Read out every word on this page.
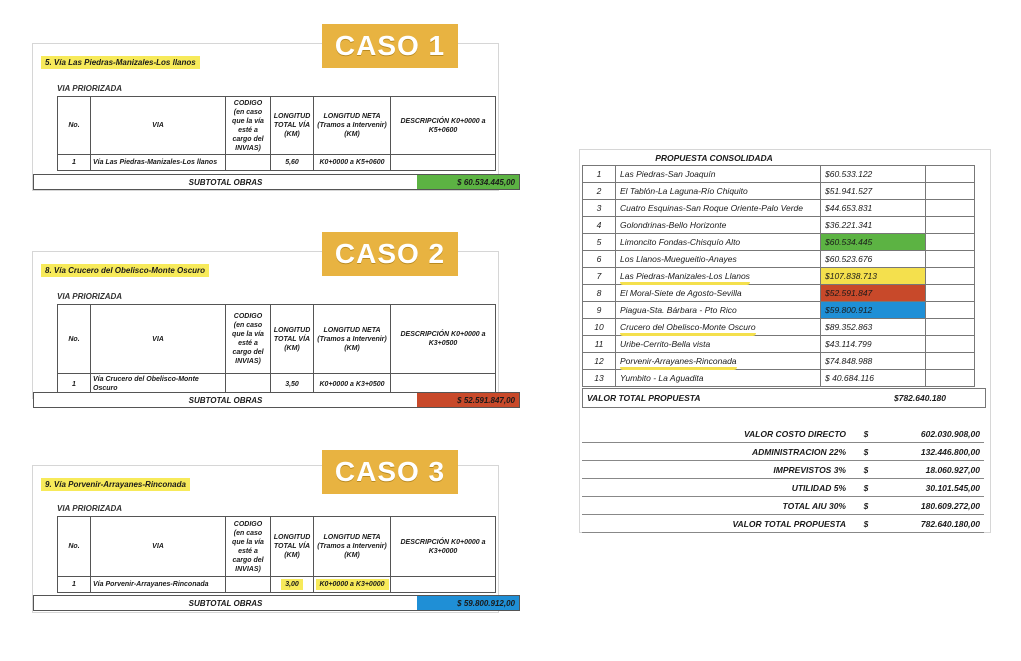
CASO 1
5. Vía Las Piedras-Manizales-Los llanos
VIA PRIORIZADA
No.	VIA	CODIGO (en caso que la vía esté a cargo del INVIAS)	LONGITUD TOTAL VÍA (KM)	LONGITUD NETA (Tramos a Intervenir) (KM)	DESCRIPCIÓN K0+0000 a K5+0600
1	Vía Las Piedras-Manizales-Los llanos		5,60	K0+0000 a K5+0600	
SUBTOTAL OBRAS	$ 60.534.445,00
CASO 2
8. Vía Crucero del Obelisco-Monte Oscuro
VIA PRIORIZADA
No.	VIA	CODIGO (en caso que la vía esté a cargo del INVIAS)	LONGITUD TOTAL VÍA (KM)	LONGITUD NETA (Tramos a Intervenir) (KM)	DESCRIPCIÓN K0+0000 a K3+0500
1	Vía Crucero del Obelisco-Monte Oscuro		3,50	K0+0000 a K3+0500	
SUBTOTAL OBRAS	$ 52.591.847,00
CASO 3
9. Vía Porvenir-Arrayanes-Rinconada
VIA PRIORIZADA
No.	VIA	CODIGO (en caso que la vía esté a cargo del INVIAS)	LONGITUD TOTAL VÍA (KM)	LONGITUD NETA (Tramos a Intervenir) (KM)	DESCRIPCIÓN K0+0000 a K3+0000
1	Vía Porvenir-Arrayanes-Rinconada		3,00	K0+0000 a K3+0000	
SUBTOTAL OBRAS	$ 59.800.912,00
PROPUESTA CONSOLIDADA
1	Las Piedras-San Joaquín	$60.533.122	
2	El Tablón-La Laguna-Río Chiquito	$51.941.527	
3	Cuatro Esquinas-San Roque Oriente-Palo Verde	$44.653.831	
4	Golondrinas-Bello Horizonte	$36.221.341	
5	Limoncito Fondas-Chisquío Alto	$60.534.445	
6	Los Llanos-Muegueitio-Anayes	$60.523.676	
7	Las Piedras-Manizales-Los Llanos	$107.838.713	
8	El Moral-Siete de Agosto-Sevilla	$52.591.847	
9	Piagua-Sta. Bárbara - Pto Rico	$59.800.912	
10	Crucero del Obelisco-Monte Oscuro	$89.352.863	
11	Uribe-Cerrito-Bella vista	$43.114.799	
12	Porvenir-Arrayanes-Rinconada	$74.848.988	
13	Yumbito - La Aguadita	$ 40.684.116	
VALOR TOTAL PROPUESTA	$782.640.180
VALOR COSTO DIRECTO	$	602.030.908,00
ADMINISTRACION 22%	$	132.446.800,00
IMPREVISTOS 3%	$	18.060.927,00
UTILIDAD 5%	$	30.101.545,00
TOTAL AIU 30%	$	180.609.272,00
VALOR TOTAL PROPUESTA	$	782.640.180,00
